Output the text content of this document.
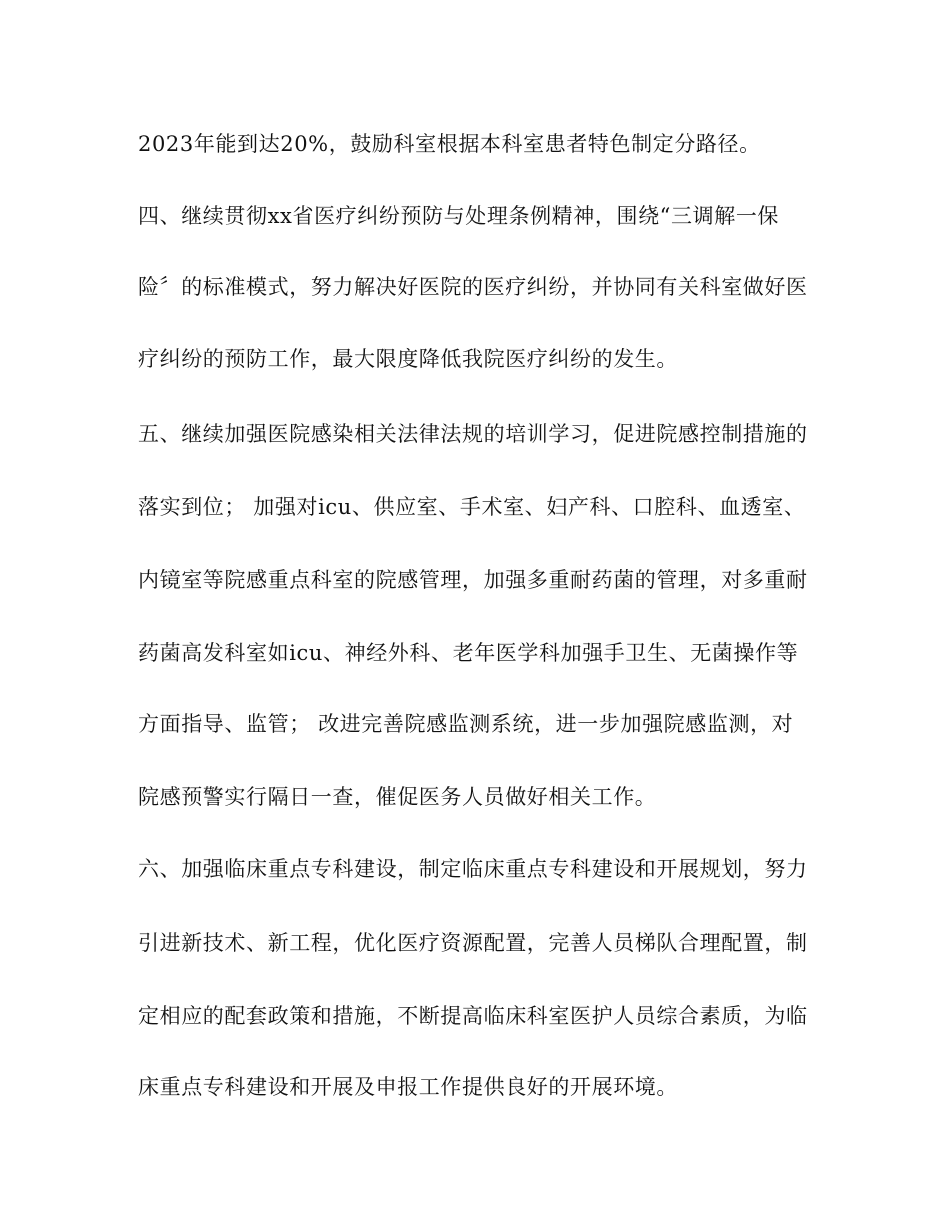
2023年能到达20%，鼓励科室根据本科室患者特色制定分路径。
四、继续贯彻xx省医疗纠纷预防与处理条例精神，围绕“三调解一保
险〞的标准模式，努力解决好医院的医疗纠纷，并协同有关科室做好医
疗纠纷的预防工作，最大限度降低我院医疗纠纷的发生。
五、继续加强医院感染相关法律法规的培训学习，促进院感控制措施的
落实到位； 加强对icu、供应室、手术室、妇产科、口腔科、血透室、
内镜室等院感重点科室的院感管理，加强多重耐药菌的管理，对多重耐
药菌高发科室如icu、神经外科、老年医学科加强手卫生、无菌操作等
方面指导、监管； 改进完善院感监测系统，进一步加强院感监测，对
院感预警实行隔日一查，催促医务人员做好相关工作。
六、加强临床重点专科建设，制定临床重点专科建设和开展规划，努力
引进新技术、新工程，优化医疗资源配置，完善人员梯队合理配置，制
定相应的配套政策和措施，不断提高临床科室医护人员综合素质，为临
床重点专科建设和开展及申报工作提供良好的开展环境。
